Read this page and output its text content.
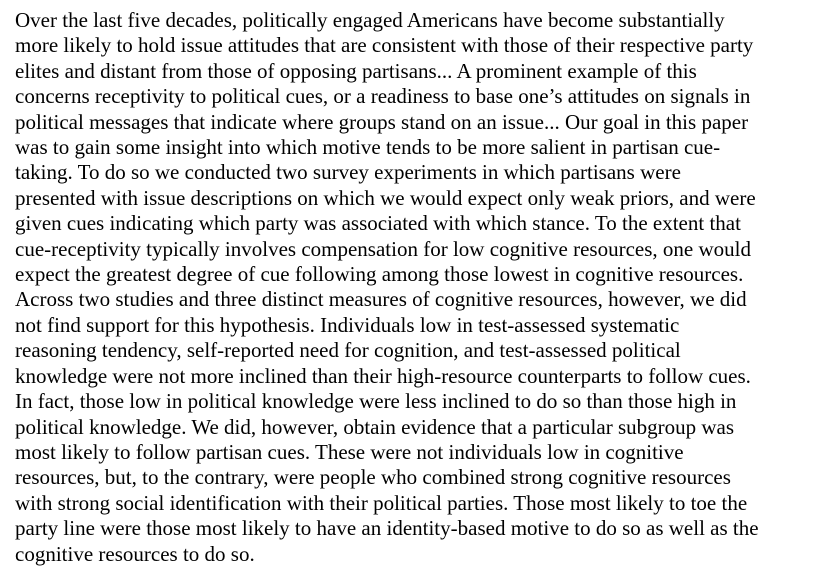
Over the last five decades, politically engaged Americans have become substantially
more likely to hold issue attitudes that are consistent with those of their respective party
elites and distant from those of opposing partisans... A prominent example of this
concerns receptivity to political cues, or a readiness to base one’s attitudes on signals in
political messages that indicate where groups stand on an issue... Our goal in this paper
was to gain some insight into which motive tends to be more salient in partisan cue-
taking. To do so we conducted two survey experiments in which partisans were
presented with issue descriptions on which we would expect only weak priors, and were
given cues indicating which party was associated with which stance. To the extent that
cue-receptivity typically involves compensation for low cognitive resources, one would
expect the greatest degree of cue following among those lowest in cognitive resources.
Across two studies and three distinct measures of cognitive resources, however, we did
not find support for this hypothesis. Individuals low in test-assessed systematic
reasoning tendency, self-reported need for cognition, and test-assessed political
knowledge were not more inclined than their high-resource counterparts to follow cues.
In fact, those low in political knowledge were less inclined to do so than those high in
political knowledge. We did, however, obtain evidence that a particular subgroup was
most likely to follow partisan cues. These were not individuals low in cognitive
resources, but, to the contrary, were people who combined strong cognitive resources
with strong social identification with their political parties. Those most likely to toe the
party line were those most likely to have an identity-based motive to do so as well as the
cognitive resources to do so.
